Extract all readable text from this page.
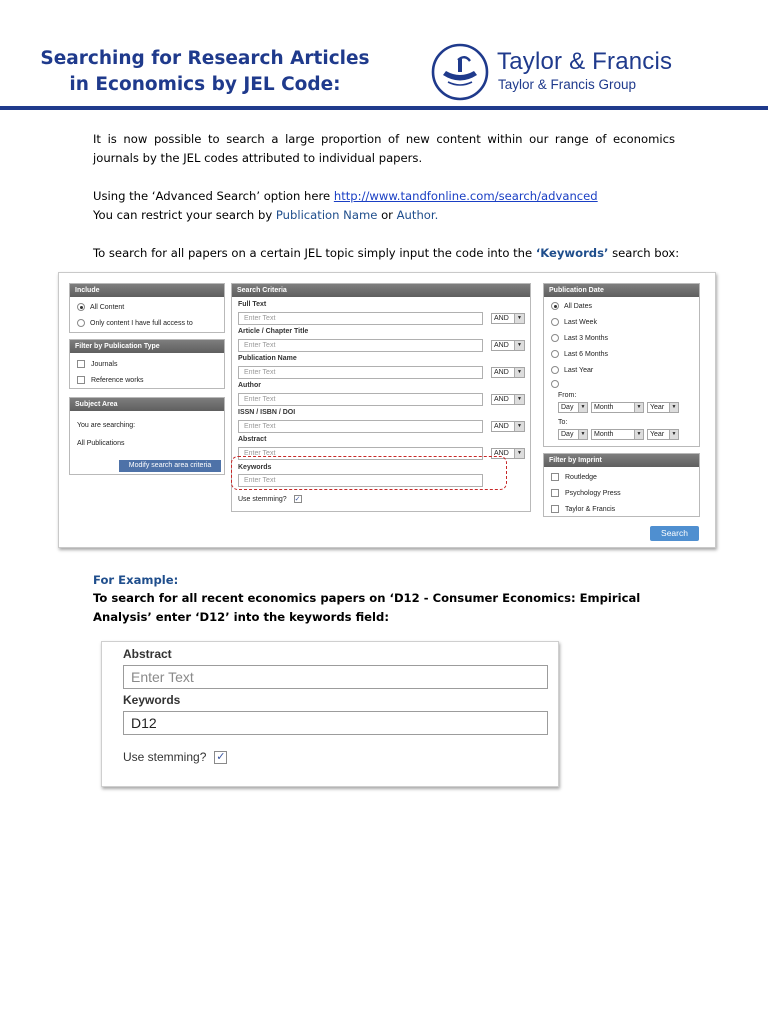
Searching for Research Articles
in Economics by JEL Code:
Taylor & Francis
Taylor & Francis Group

It is now possible to search a large proportion of new content within our range of economics journals by the JEL codes attributed to individual papers.

Using the ‘Advanced Search’ option here http://www.tandfonline.com/search/advanced

You can restrict your search by Publication Name or Author.

To search for all papers on a certain JEL topic simply input the code into the ‘Keywords’ search box:

Include
All Content
Only content I have full access to
Filter by Publication Type
Journals
Reference works
Subject Area
You are searching:
All Publications
Modify search area criteria
Search Criteria
Full Text
Enter Text	AND	▼
Article / Chapter Title
Enter Text	AND	▼
Publication Name
Enter Text	AND	▼
Author
Enter Text	AND	▼
ISSN / ISBN / DOI
Enter Text	AND	▼
Abstract
Enter Text	AND	▼
Keywords
Enter Text
Use stemming? ✓
Publication Date
All Dates
Last Week
Last 3 Months
Last 6 Months
Last Year
From:
Day	▼	Month	▼	Year	▼
To:
Day	▼	Month	▼	Year	▼
Filter by Imprint
Routledge
Psychology Press
Taylor & Francis
Search
For Example:

To search for all recent economics papers on ‘D12 - Consumer Economics: Empirical Analysis’ enter ‘D12’ into the keywords field:

Abstract
Enter Text
Keywords
D12
Use stemming? ✓
